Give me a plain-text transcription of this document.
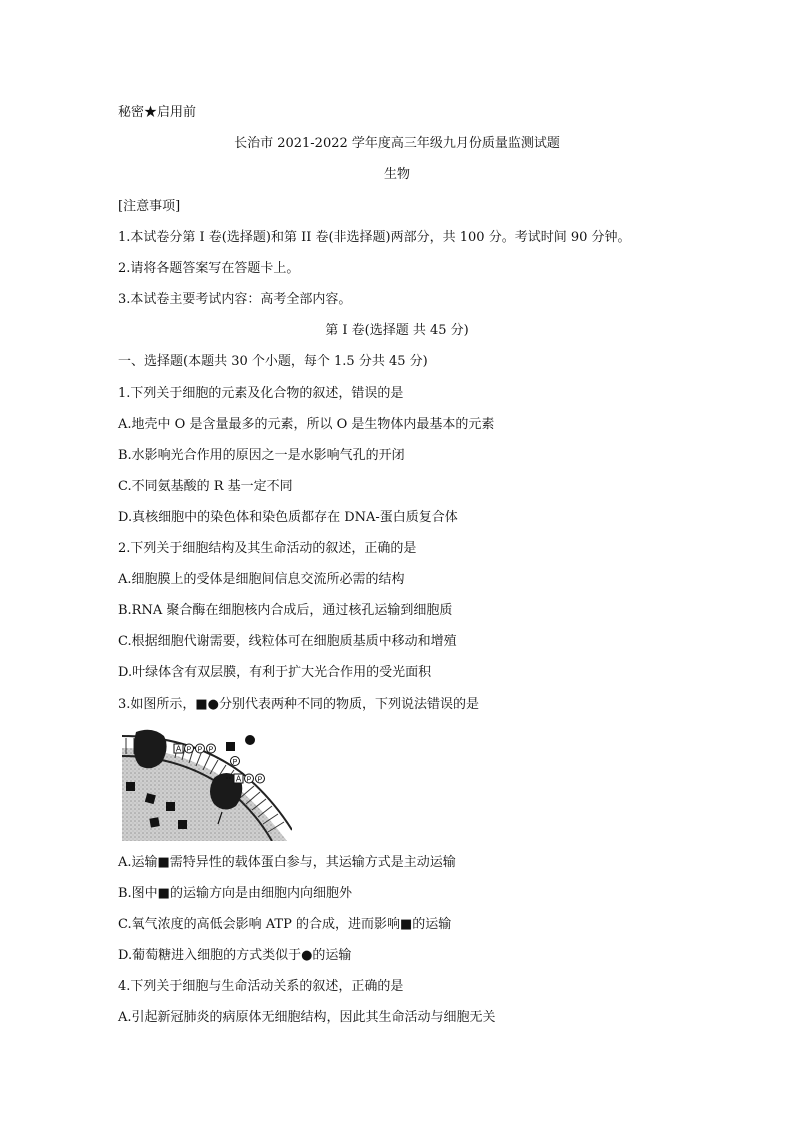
秘密★启用前
长治市 2021-2022 学年度高三年级九月份质量监测试题
生物
[注意事项]
1.本试卷分第 I 卷(选择题)和第 II 卷(非选择题)两部分，共 100 分。考试时间 90 分钟。
2.请将各题答案写在答题卡上。
3.本试卷主要考试内容：高考全部内容。
第 I 卷(选择题 共 45 分)
一、选择题(本题共 30 个小题，每个 1.5 分共 45 分)
1.下列关于细胞的元素及化合物的叙述，错误的是
A.地壳中 O 是含量最多的元素，所以 O 是生物体内最基本的元素
B.水影响光合作用的原因之一是水影响气孔的开闭
C.不同氨基酸的 R 基一定不同
D.真核细胞中的染色体和染色质都存在 DNA-蛋白质复合体
2.下列关于细胞结构及其生命活动的叙述，正确的是
A.细胞膜上的受体是细胞间信息交流所必需的结构
B.RNA 聚合酶在细胞核内合成后，通过核孔运输到细胞质
C.根据细胞代谢需要，线粒体可在细胞质基质中移动和增殖
D.叶绿体含有双层膜，有利于扩大光合作用的受光面积
3.如图所示，■●分别代表两种不同的物质，下列说法错误的是
A P P P
P
A P P
A.运输■需特异性的载体蛋白参与，其运输方式是主动运输
B.图中■的运输方向是由细胞内向细胞外
C.氧气浓度的高低会影响 ATP 的合成，进而影响■的运输
D.葡萄糖进入细胞的方式类似于●的运输
4.下列关于细胞与生命活动关系的叙述，正确的是
A.引起新冠肺炎的病原体无细胞结构，因此其生命活动与细胞无关
